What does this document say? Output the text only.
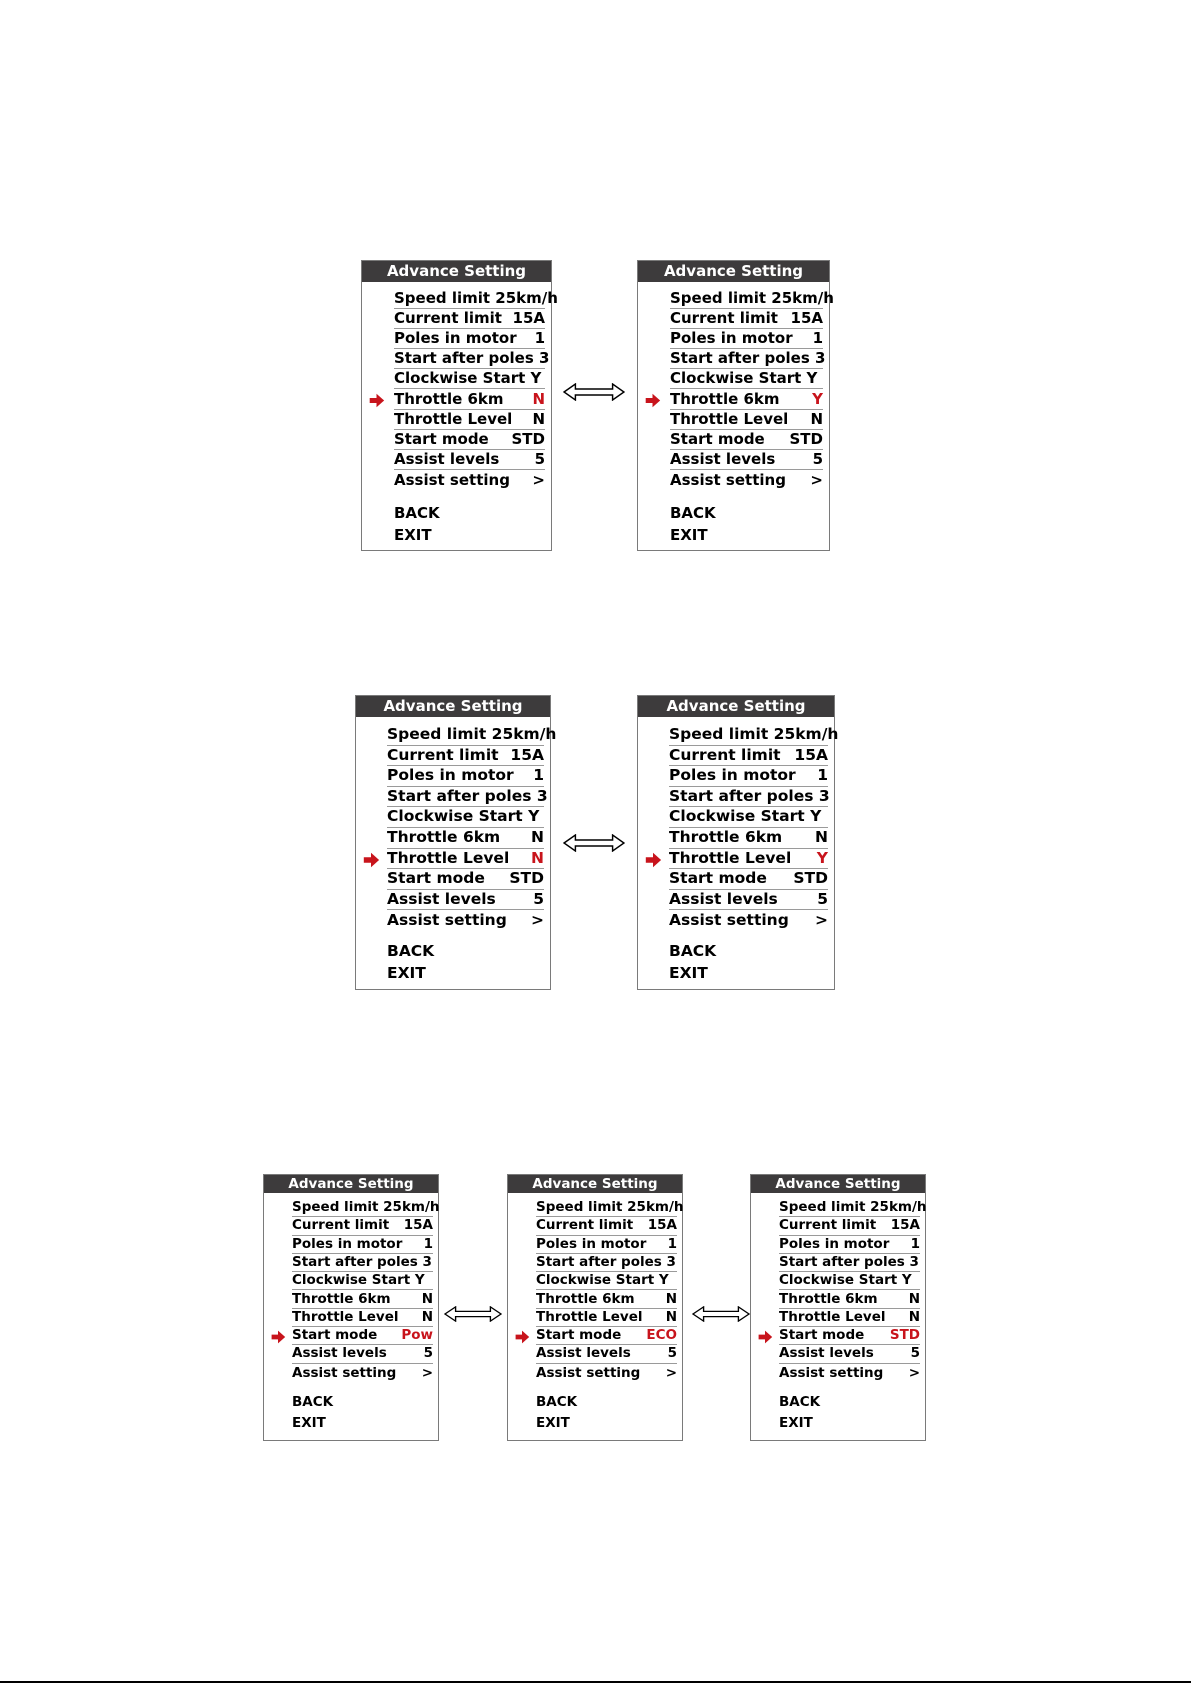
Advance Setting
Speed limit 25km/h
Current limit 15A
Poles in motor 1
Start after poles 3
Clockwise Start Y
Throttle 6km N
Throttle Level N
Start mode STD
Assist levels 5
Assist setting >
BACK
EXIT
Advance Setting
Speed limit 25km/h
Current limit 15A
Poles in motor 1
Start after poles 3
Clockwise Start Y
Throttle 6km Y
Throttle Level N
Start mode STD
Assist levels 5
Assist setting >
BACK
EXIT
Advance Setting
Speed limit 25km/h
Current limit 15A
Poles in motor 1
Start after poles 3
Clockwise Start Y
Throttle 6km N
Throttle Level N
Start mode STD
Assist levels 5
Assist setting >
BACK
EXIT
Advance Setting
Speed limit 25km/h
Current limit 15A
Poles in motor 1
Start after poles 3
Clockwise Start Y
Throttle 6km N
Throttle Level Y
Start mode STD
Assist levels	5
Assist setting >
BACK
EXIT
Advance Setting
Speed limit 25km/h
Current limit 15A
Poles in motor 1
Start after poles 3
Clockwise Start Y
Throttle 6km N
Throttle Level N
Start mode Pow
Assist levels	5
Assist setting >
BACK
EXIT
Advance Setting
Speed limit 25km/h
Current limit 15A
Poles in motor 1
Start after poles 3
Clockwise Start Y
Throttle 6km N
Throttle Level N
Start mode ECO
Assist levels	5
Assist setting >
BACK
EXIT
Advance Setting
Speed limit 25km/h
Current limit 15A
Poles in motor 1
Start after poles 3
Clockwise Start Y
Throttle 6km N
Throttle Level N
Start mode STD
Assist levels	5
Assist setting >
BACK
EXIT
